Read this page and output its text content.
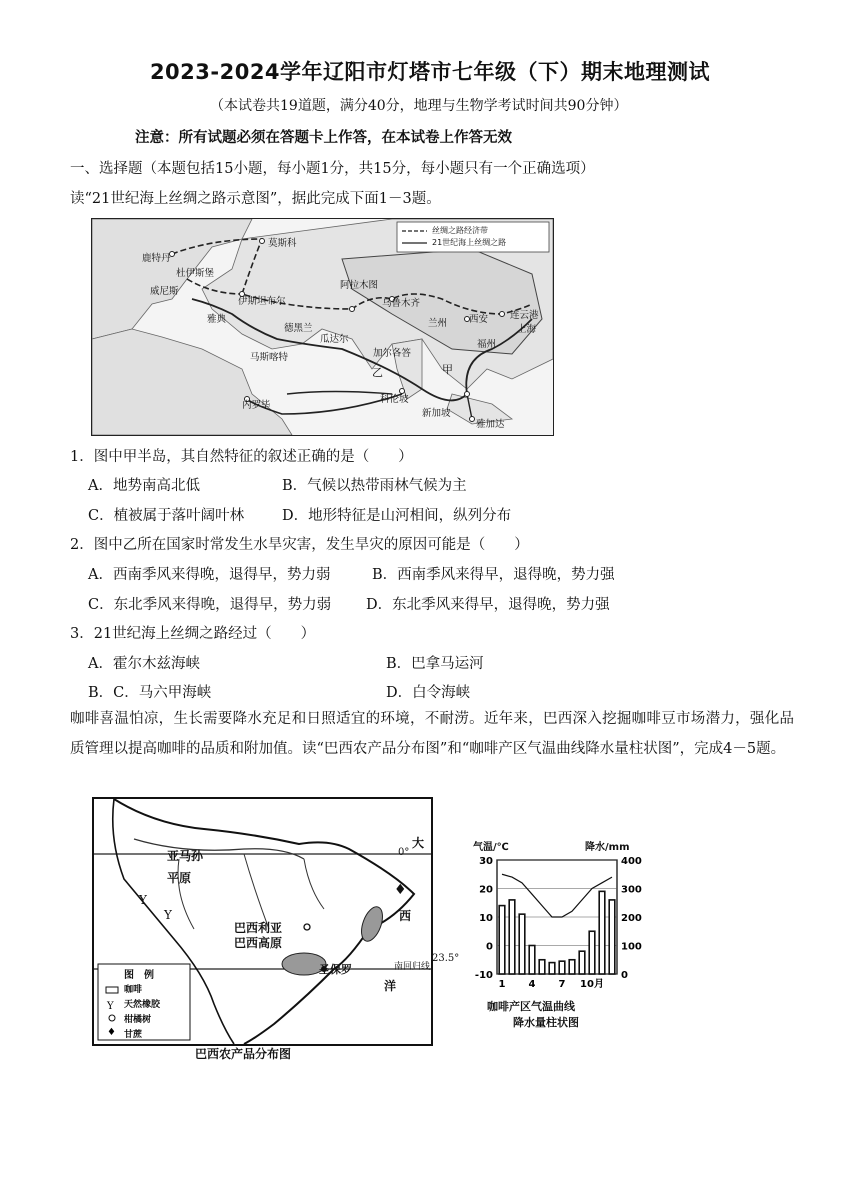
2023-2024学年辽阳市灯塔市七年级（下）期末地理测试
（本试卷共19道题，满分40分，地理与生物学考试时间共90分钟）
注意：所有试题必须在答题卡上作答，在本试卷上作答无效
一、选择题（本题包括15小题，每小题1分，共15分，每小题只有一个正确选项）
读“21世纪海上丝绸之路示意图”，据此完成下面1－3题。
丝绸之路经济带
21世纪海上丝绸之路
莫斯科
鹿特丹
杜伊斯堡
威尼斯
伊斯坦布尔
雅典
德黑兰
阿拉木图
乌鲁木齐
兰州 西安 连云港
上海
福州
马斯喀特
瓜达尔
加尔各答
乙	甲
科伦坡
内罗毕
新加坡
雅加达
1．图中甲半岛，其自然特征的叙述正确的是（　　）
A．地势南高北低	B．气候以热带雨林气候为主
C．植被属于落叶阔叶林	D．地形特征是山河相间，纵列分布
2．图中乙所在国家时常发生水旱灾害，发生旱灾的原因可能是（　　）
A．西南季风来得晚，退得早，势力弱	B．西南季风来得早，退得晚，势力强
C．东北季风来得晚，退得早，势力弱 D．东北季风来得早，退得晚，势力强
3．21世纪海上丝绸之路经过（　　）
A．霍尔木兹海峡	B．巴拿马运河
B．C．马六甲海峡	D．白令海峡
咖啡喜温怕凉，生长需要降水充足和日照适宜的环境，不耐涝。近年来，巴西深入挖掘咖啡豆市场潜力，强化品质管理以提高咖啡的品质和附加值。读“巴西农产品分布图”和“咖啡产区气温曲线降水量柱状图”，完成4－5题。
♦
Y
Y
Y
♦
亚马孙
平原
巴西利亚
巴西高原
圣保罗
西
洋
大
0°
南回归线
图　例
咖啡
天然橡胶
柑橘树
甘蔗
23.5°
巴西农产品分布图
30
20
10
0
-10
400
300
200
100
0
1 4 7 10月
气温/℃	降水/mm
咖啡产区气温曲线
降水量柱状图
